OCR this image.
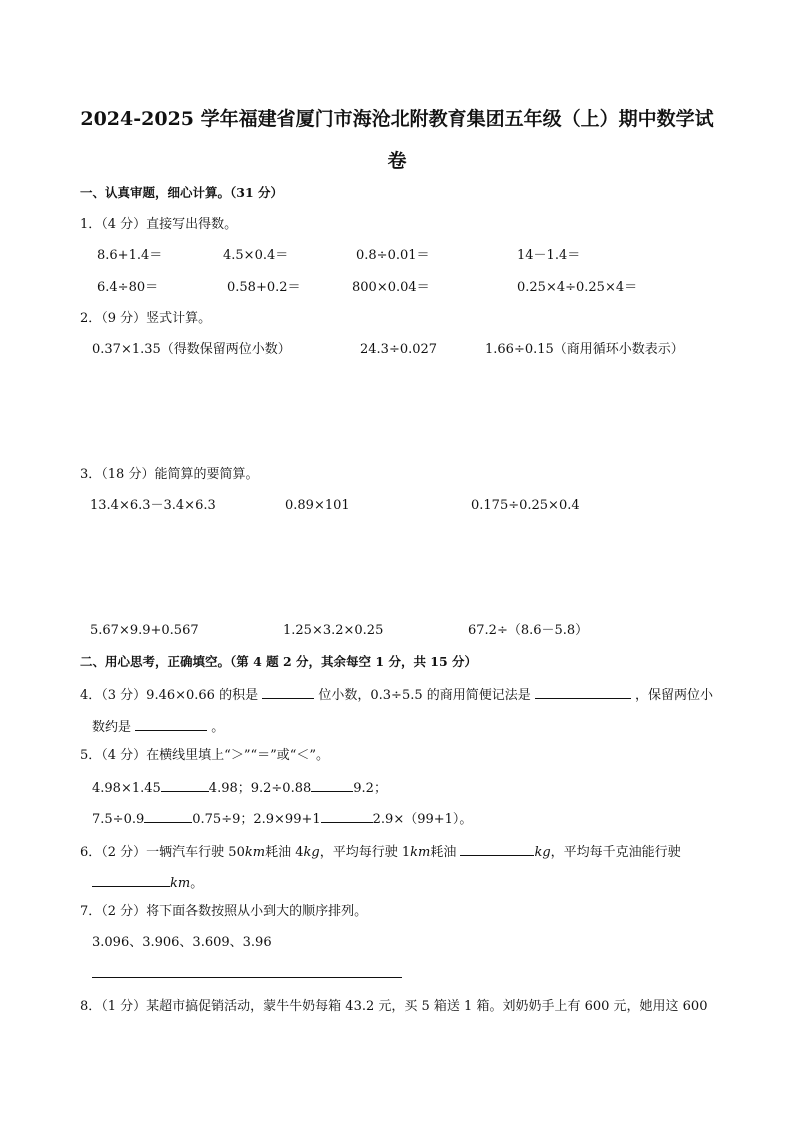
2024-2025 学年福建省厦门市海沧北附教育集团五年级（上）期中数学试
卷
一、认真审题，细心计算。（31 分）
1．（4 分）直接写出得数。
8.6+1.4＝	4.5×0.4＝	0.8÷0.01＝	14－1.4＝
6.4÷80＝	0.58+0.2＝	800×0.04＝	0.25×4÷0.25×4＝
2．（9 分）竖式计算。
0.37×1.35（得数保留两位小数）	24.3÷0.027	1.66÷0.15（商用循环小数表示）
3．（18 分）能简算的要简算。
13.4×6.3－3.4×6.3	0.89×101	0.175÷0.25×0.4
5.67×9.9+0.567	1.25×3.2×0.25	67.2÷（8.6－5.8）
二、用心思考，正确填空。（第 4 题 2 分，其余每空 1 分，共 15 分）
4．（3 分）9.46×0.66 的积是	位小数，0.3÷5.5 的商用简便记法是	，保留两位小
数约是	。
5．（4 分）在横线里填上“＞”“＝”或“＜”。
4.98×1.45	4.98；9.2÷0.88	9.2；
7.5÷0.9	0.75÷9；2.9×99+1	2.9×（99+1）。
6．（2 分）一辆汽车行驶 50km耗油 4kg，平均每行驶 1km耗油	kg，平均每千克油能行驶
km。
7．（2 分）将下面各数按照从小到大的顺序排列。
3.096、3.906、3.609、3.96
8．（1 分）某超市搞促销活动，蒙牛牛奶每箱 43.2 元，买 5 箱送 1 箱。刘奶奶手上有 600 元，她用这 600
